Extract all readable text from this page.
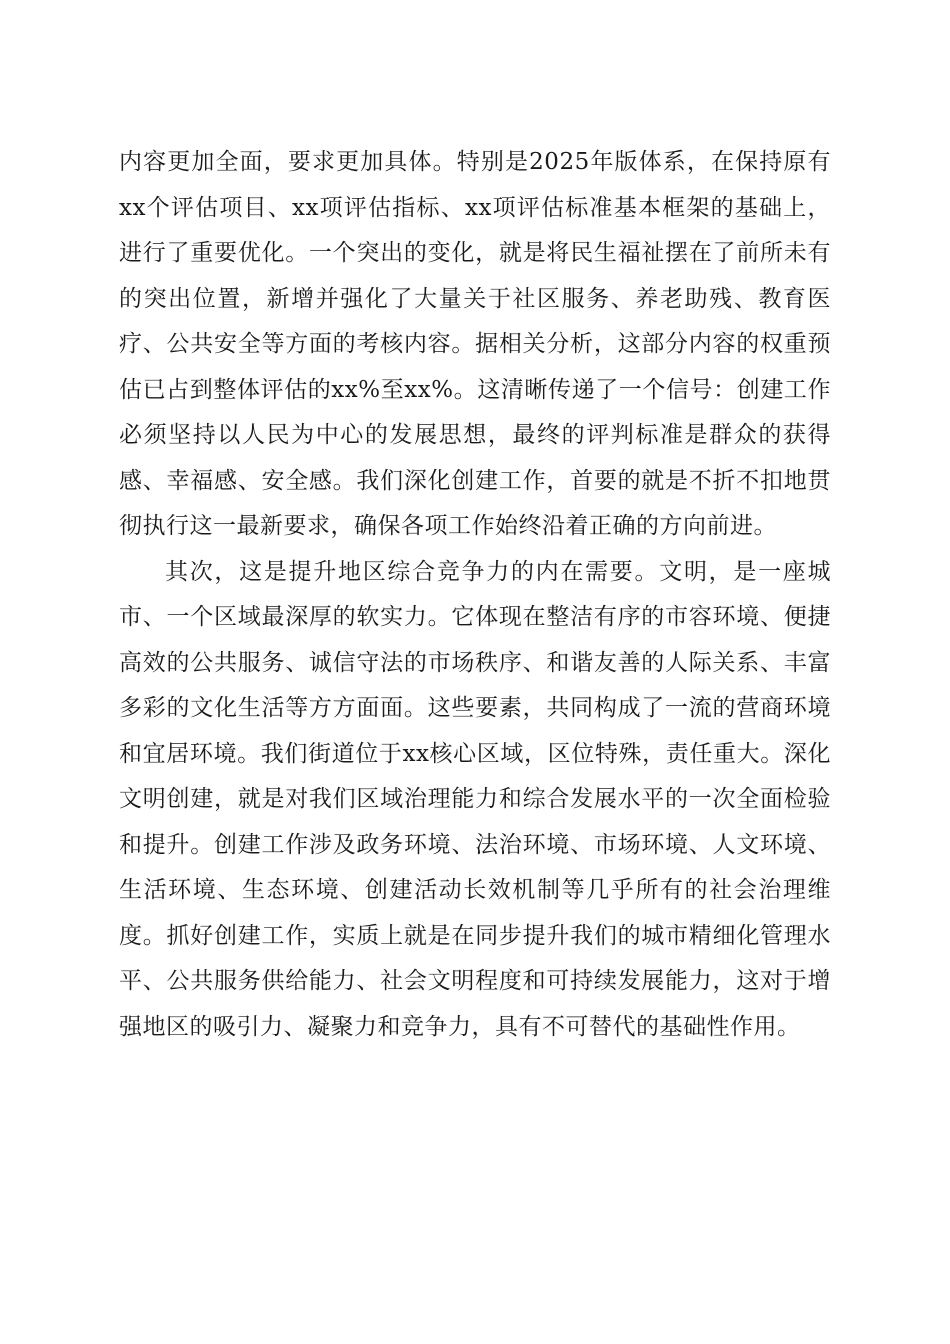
内容更加全面，要求更加具体。特别是2025年版体系，在保持原有xx个评估项目、xx项评估指标、xx项评估标准基本框架的基础上，进行了重要优化。一个突出的变化，就是将民生福祉摆在了前所未有的突出位置，新增并强化了大量关于社区服务、养老助残、教育医疗、公共安全等方面的考核内容。据相关分析，这部分内容的权重预估已占到整体评估的xx%至xx%。这清晰传递了一个信号：创建工作必须坚持以人民为中心的发展思想，最终的评判标准是群众的获得感、幸福感、安全感。我们深化创建工作，首要的就是不折不扣地贯彻执行这一最新要求，确保各项工作始终沿着正确的方向前进。

其次，这是提升地区综合竞争力的内在需要。文明，是一座城市、一个区域最深厚的软实力。它体现在整洁有序的市容环境、便捷高效的公共服务、诚信守法的市场秩序、和谐友善的人际关系、丰富多彩的文化生活等方方面面。这些要素，共同构成了一流的营商环境和宜居环境。我们街道位于xx核心区域，区位特殊，责任重大。深化文明创建，就是对我们区域治理能力和综合发展水平的一次全面检验和提升。创建工作涉及政务环境、法治环境、市场环境、人文环境、生活环境、生态环境、创建活动长效机制等几乎所有的社会治理维度。抓好创建工作，实质上就是在同步提升我们的城市精细化管理水平、公共服务供给能力、社会文明程度和可持续发展能力，这对于增强地区的吸引力、凝聚力和竞争力，具有不可替代的基础性作用。
